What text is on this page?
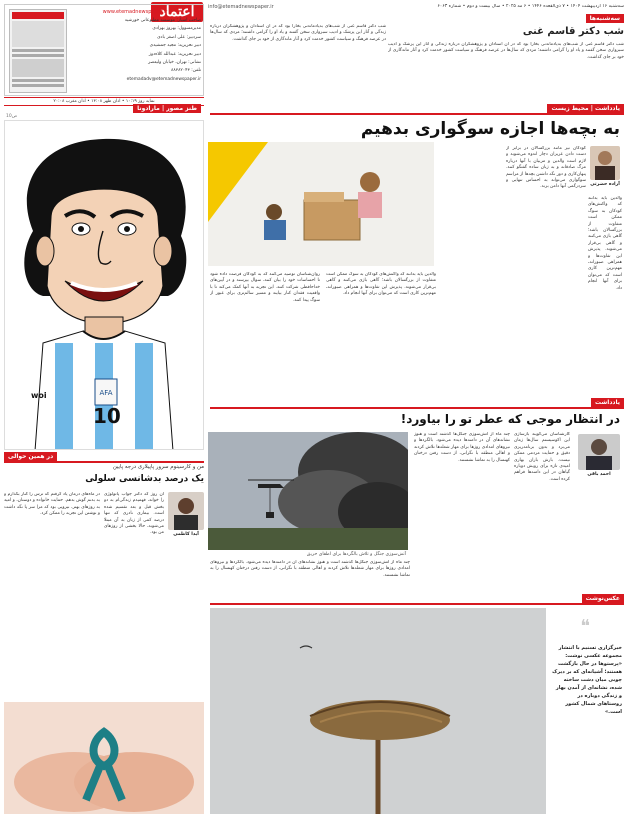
اعتماد	info@etemadnewspaper.ir	سه‌شنبه ۱۶ اردیبهشت ۱۴۰۴ • ۷ ذی‌القعده ۱۴۴۶ • ۶ مه ۲۰۲۵ • سال بیست و دوم • شماره ۶۰۶۳
www.etemadnewspaper.ir
صاحب امتیاز: موسسه مطبوعاتی خورشید
مدیرمسوول: بهروز بهزادی
سردبیر: علی اصغر بادی
دبیر تحریریه: مجید جمشیدی
دبیر تحریریه: عبدالله کلاه‌دوز
نشانی: تهران، خیابان ولیعصر
تلفن: ۸۸۳۸۲۰۴۳
etemadadv@etemadnewspaper.ir
نمایه روز ۱۰:۱۹ • اذان ظهر ۱۳:۰۸ • اذان مغرب ۲۰:۰۸
سه‌شنبه‌ها
شب دکتر قاسم غنی
شب دکتر قاسم غنی از شب‌های به‌یادماندنی بخارا بود که در آن استادان و پژوهشگران درباره زندگی و آثار این پزشک و ادیب سبزواری سخن گفتند و یاد او را گرامی داشتند؛ مردی که سال‌ها در عرصه فرهنگ و سیاست کشور خدمت کرد و آثار ماندگاری از خود بر جای گذاشت.
شب دکتر قاسم غنی از شب‌های به‌یادماندنی بخارا بود که در آن استادان و پژوهشگران درباره زندگی و آثار این پزشک و ادیب سبزواری سخن گفتند و یاد او را گرامی داشتند؛ مردی که سال‌ها در عرصه فرهنگ و سیاست کشور خدمت کرد و آثار ماندگاری از خود بر جای گذاشت.
طنز مصور | مارادونا
ص10
AFA
10
woi
یادداشت | محیط زیست
به بچه‌ها اجازه سوگواری بدهیم
آزاده حضرتی
کودکان نیز مانند بزرگسالان در برابر از دست دادن عزیزان دچار اندوه می‌شوند و لازم است والدین و مربیان با آنها درباره مرگ صادقانه و به زبان ساده گفتگو کنند. پنهان‌کاری و دور نگه داشتن بچه‌ها از مراسم سوگواری می‌تواند به احساس تنهایی و سردرگمی آنها دامن بزند.
والدین باید بدانند که واکنش‌های کودکان به سوگ ممکن است متفاوت از بزرگسالان باشد؛ گاهی بازی می‌کنند و گاهی بی‌قرار می‌شوند. پذیرش این تفاوت‌ها و همراهی صبورانه، مهم‌ترین کاری است که می‌توان برای آنها انجام داد.
روان‌شناسان توصیه می‌کنند که به کودکان فرصت داده شود تا احساسات خود را بیان کنند، سوال بپرسند و در آیین‌های خداحافظی شرکت کنند. این تجربه به آنها کمک می‌کند تا با واقعیت فقدان کنار بیایند و مسیر سالم‌تری برای عبور از سوگ پیدا کنند.
والدین باید بدانند که واکنش‌های کودکان به سوگ ممکن است متفاوت از بزرگسالان باشد؛ گاهی بازی می‌کنند و گاهی بی‌قرار می‌شوند. پذیرش این تفاوت‌ها و همراهی صبورانه، مهم‌ترین کاری است که می‌توان برای آنها انجام داد.
یادداشت
در انتظار موجی که عطر تو را بیاورد!
آتش‌سوزی جنگل و تلاش بالگردها برای اطفای حریق
چند ماه‌ از آتش‌سوزی جنگل‌ها گذشته است و هنوز نشانه‌های آن در دامنه‌ها دیده می‌شود. بالگردها و نیروهای امدادی روزها برای مهار شعله‌ها تلاش کردند و اهالی منطقه با نگرانی، از دست رفتن درختان کهنسال را به تماشا نشستند.
کارشناسان می‌گویند بازسازی این اکوسیستم سال‌ها زمان می‌برد و بدون برنامه‌ریزی دقیق و حمایت مردمی ممکن نیست. بارش باران بهاری امیدی تازه برای رویش دوباره گیاهان در این دامنه‌ها فراهم کرده است.
چند ماه‌ از آتش‌سوزی جنگل‌ها گذشته است و هنوز نشانه‌های آن در دامنه‌ها دیده می‌شود. بالگردها و نیروهای امدادی روزها برای مهار شعله‌ها تلاش کردند و اهالی منطقه با نگرانی، از دست رفتن درختان کهنسال را به تماشا نشستند.
احمد باقی
در همین حوالی
من و کارسینوم سرور پاپیلاری درجه پایین
یک درصد بدشانسی سلولی
آیدا کاظمی
آن روز که دکتر جواب پاتولوژی را خواند، فهمیدم زندگی‌ام به دو بخش قبل و بعد تقسیم شده است. بیماری نادری که تنها درصد کمی از زنان به آن مبتلا می‌شوند، حالا بخشی از روزهای من بود.
در ماه‌های درمان یاد گرفتم که ترس را کنار بگذارم و به بدنم گوش بدهم. حمایت خانواده و دوستان، و امید به روزهای بهتر، نیرویی بود که مرا سر پا نگه داشت و نوشتن این تجربه را ممکن کرد.
عکس‌نوشت
❝
خبرگزاری تسنیم با انتشار مجموعه عکسی نوشت: «پرستوها در حال بازگشت هستند؛ آشیانه‌ای که بر دیرک چوبی میان دشت ساخته شده، نشانه‌ای از آمدن بهار و زندگی دوباره در روستاهای شمال کشور است.»
